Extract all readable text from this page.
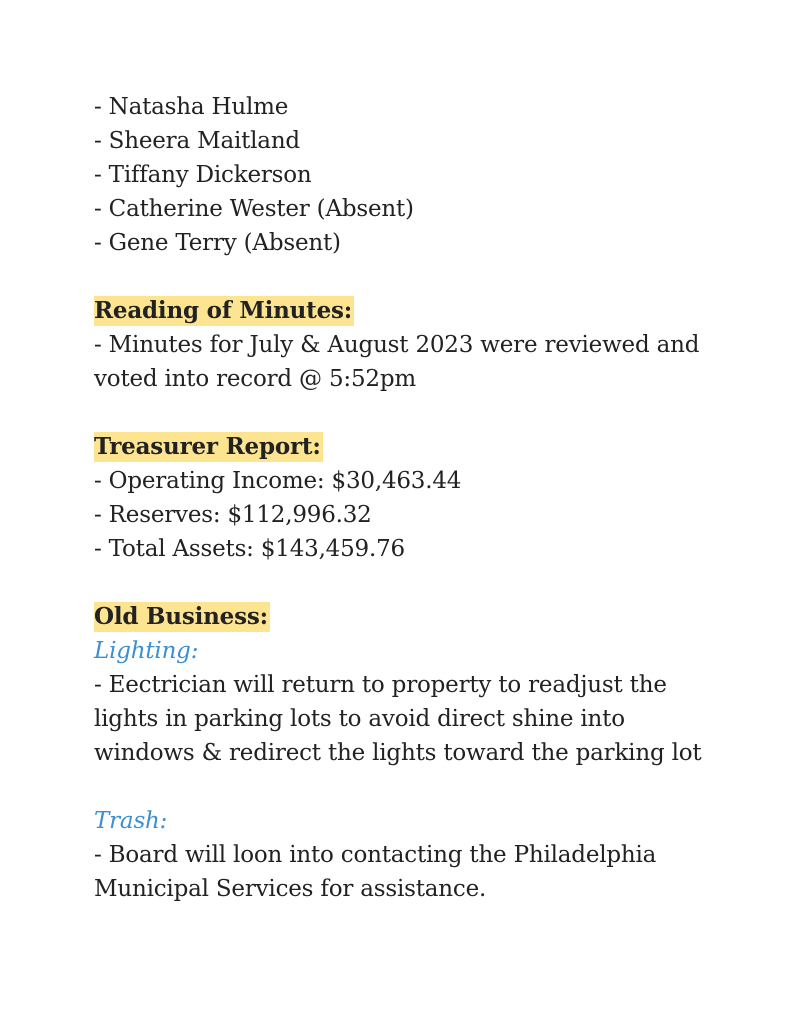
- Natasha Hulme
- Sheera Maitland
- Tiffany Dickerson
- Catherine Wester (Absent)
- Gene Terry (Absent)
Reading of Minutes:
- Minutes for July & August 2023 were reviewed and
voted into record @ 5:52pm
Treasurer Report:
- Operating Income: $30,463.44
- Reserves: $112,996.32
- Total Assets: $143,459.76
Old Business:
Lighting:
- Eectrician will return to property to readjust the
lights in parking lots to avoid direct shine into
windows & redirect the lights toward the parking lot
Trash:
- Board will loon into contacting the Philadelphia
Municipal Services for assistance.
